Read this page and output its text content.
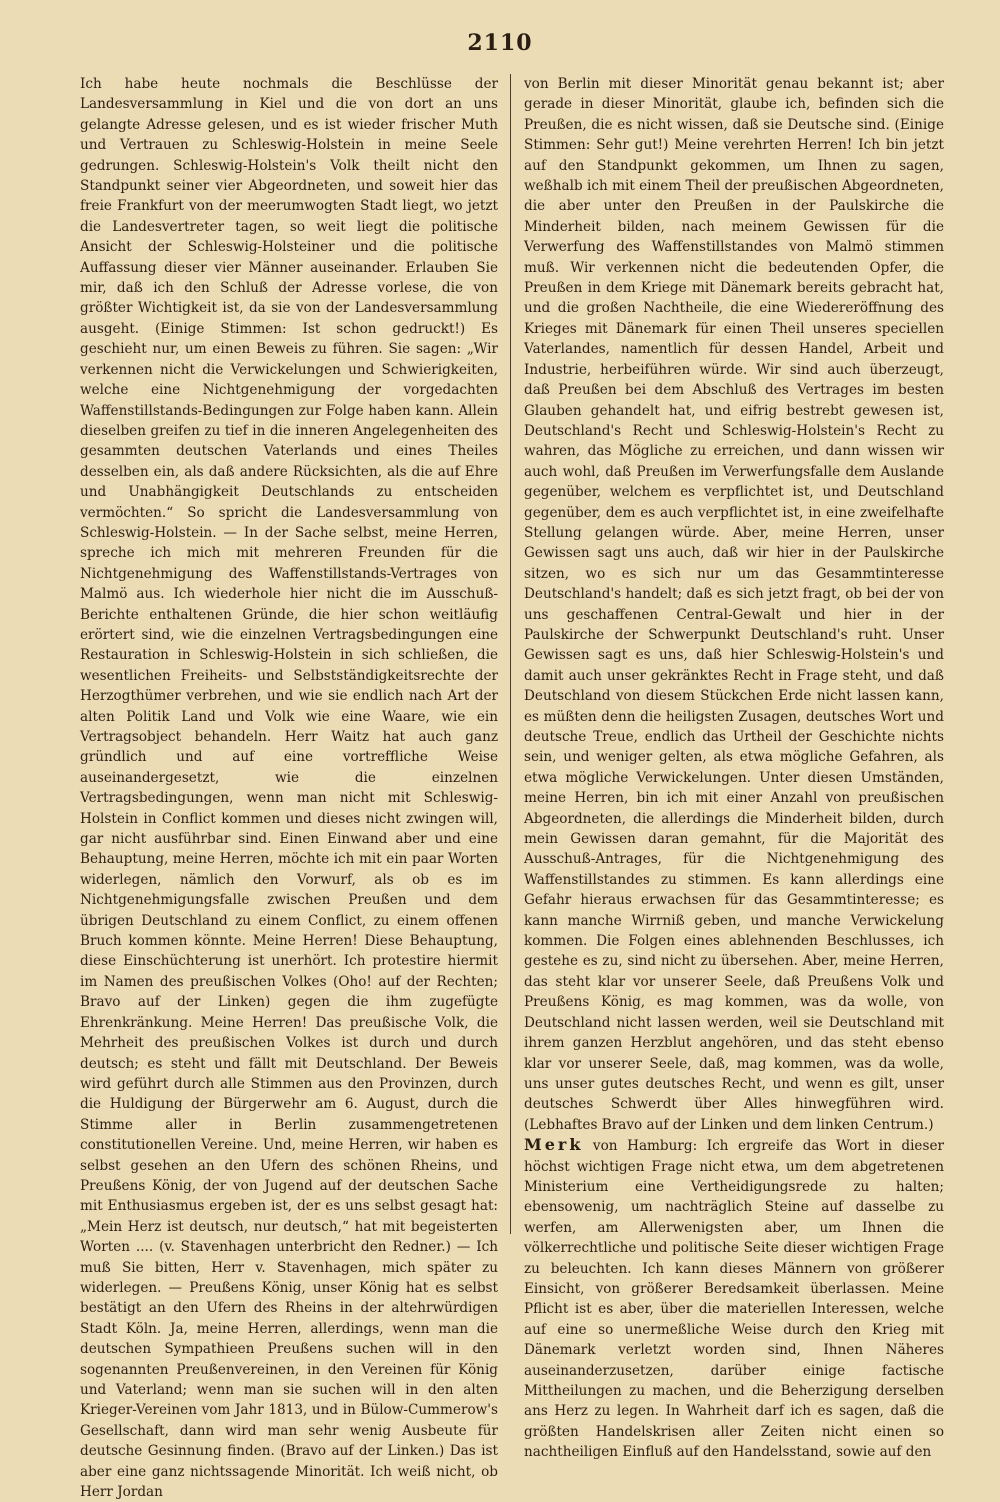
2110

Ich habe heute nochmals die Beschlüsse der Landesversammlung in Kiel und die von dort an uns gelangte Adresse gelesen, und es ist wieder frischer Muth und Vertrauen zu Schleswig-Holstein in meine Seele gedrungen. Schleswig-Holstein's Volk theilt nicht den Standpunkt seiner vier Abgeordneten, und soweit hier das freie Frankfurt von der meerumwogten Stadt liegt, wo jetzt die Landesvertreter tagen, so weit liegt die politische Ansicht der Schleswig-Holsteiner und die politische Auffassung dieser vier Männer auseinander. Erlauben Sie mir, daß ich den Schluß der Adresse vorlese, die von größter Wichtigkeit ist, da sie von der Landesversammlung ausgeht. (Einige Stimmen: Ist schon gedruckt!) Es geschieht nur, um einen Beweis zu führen. Sie sagen: „Wir verkennen nicht die Verwickelungen und Schwierigkeiten, welche eine Nichtgenehmigung der vorgedachten Waffenstillstands-Bedingungen zur Folge haben kann. Allein dieselben greifen zu tief in die inneren Angelegenheiten des gesammten deutschen Vaterlands und eines Theiles desselben ein, als daß andere Rücksichten, als die auf Ehre und Unabhängigkeit Deutschlands zu entscheiden vermöchten.“ So spricht die Landesversammlung von Schleswig-Holstein. — In der Sache selbst, meine Herren, spreche ich mich mit mehreren Freunden für die Nichtgenehmigung des Waffenstillstands-Vertrages von Malmö aus. Ich wiederhole hier nicht die im Ausschuß-Berichte enthaltenen Gründe, die hier schon weitläufig erörtert sind, wie die einzelnen Vertragsbedingungen eine Restauration in Schleswig-Holstein in sich schließen, die wesentlichen Freiheits- und Selbstständigkeitsrechte der Herzogthümer verbrehen, und wie sie endlich nach Art der alten Politik Land und Volk wie eine Waare, wie ein Vertragsobject behandeln. Herr Waitz hat auch ganz gründlich und auf eine vortreffliche Weise auseinandergesetzt, wie die einzelnen Vertragsbedingungen, wenn man nicht mit Schleswig-Holstein in Conflict kommen und dieses nicht zwingen will, gar nicht ausführbar sind. Einen Einwand aber und eine Behauptung, meine Herren, möchte ich mit ein paar Worten widerlegen, nämlich den Vorwurf, als ob es im Nichtgenehmigungsfalle zwischen Preußen und dem übrigen Deutschland zu einem Conflict, zu einem offenen Bruch kommen könnte. Meine Herren! Diese Behauptung, diese Einschüchterung ist unerhört. Ich protestire hiermit im Namen des preußischen Volkes (Oho! auf der Rechten; Bravo auf der Linken) gegen die ihm zugefügte Ehrenkränkung. Meine Herren! Das preußische Volk, die Mehrheit des preußischen Volkes ist durch und durch deutsch; es steht und fällt mit Deutschland. Der Beweis wird geführt durch alle Stimmen aus den Provinzen, durch die Huldigung der Bürgerwehr am 6. August, durch die Stimme aller in Berlin zusammengetretenen constitutionellen Vereine. Und, meine Herren, wir haben es selbst gesehen an den Ufern des schönen Rheins, und Preußens König, der von Jugend auf der deutschen Sache mit Enthusiasmus ergeben ist, der es uns selbst gesagt hat: „Mein Herz ist deutsch, nur deutsch,“ hat mit begeisterten Worten .... (v. Stavenhagen unterbricht den Redner.) — Ich muß Sie bitten, Herr v. Stavenhagen, mich später zu widerlegen. — Preußens König, unser König hat es selbst bestätigt an den Ufern des Rheins in der altehrwürdigen Stadt Köln. Ja, meine Herren, allerdings, wenn man die deutschen Sympathieen Preußens suchen will in den sogenannten Preußenvereinen, in den Vereinen für König und Vaterland; wenn man sie suchen will in den alten Krieger-Vereinen vom Jahr 1813, und in Bülow-Cummerow's Gesellschaft, dann wird man sehr wenig Ausbeute für deutsche Gesinnung finden. (Bravo auf der Linken.) Das ist aber eine ganz nichtssagende Minorität. Ich weiß nicht, ob Herr Jordan

von Berlin mit dieser Minorität genau bekannt ist; aber gerade in dieser Minorität, glaube ich, befinden sich die Preußen, die es nicht wissen, daß sie Deutsche sind. (Einige Stimmen: Sehr gut!) Meine verehrten Herren! Ich bin jetzt auf den Standpunkt gekommen, um Ihnen zu sagen, weßhalb ich mit einem Theil der preußischen Abgeordneten, die aber unter den Preußen in der Paulskirche die Minderheit bilden, nach meinem Gewissen für die Verwerfung des Waffenstillstandes von Malmö stimmen muß. Wir verkennen nicht die bedeutenden Opfer, die Preußen in dem Kriege mit Dänemark bereits gebracht hat, und die großen Nachtheile, die eine Wiedereröffnung des Krieges mit Dänemark für einen Theil unseres speciellen Vaterlandes, namentlich für dessen Handel, Arbeit und Industrie, herbeiführen würde. Wir sind auch überzeugt, daß Preußen bei dem Abschluß des Vertrages im besten Glauben gehandelt hat, und eifrig bestrebt gewesen ist, Deutschland's Recht und Schleswig-Holstein's Recht zu wahren, das Mögliche zu erreichen, und dann wissen wir auch wohl, daß Preußen im Verwerfungsfalle dem Auslande gegenüber, welchem es verpflichtet ist, und Deutschland gegenüber, dem es auch verpflichtet ist, in eine zweifelhafte Stellung gelangen würde. Aber, meine Herren, unser Gewissen sagt uns auch, daß wir hier in der Paulskirche sitzen, wo es sich nur um das Gesammtinteresse Deutschland's handelt; daß es sich jetzt fragt, ob bei der von uns geschaffenen Central-Gewalt und hier in der Paulskirche der Schwerpunkt Deutschland's ruht. Unser Gewissen sagt es uns, daß hier Schleswig-Holstein's und damit auch unser gekränktes Recht in Frage steht, und daß Deutschland von diesem Stückchen Erde nicht lassen kann, es müßten denn die heiligsten Zusagen, deutsches Wort und deutsche Treue, endlich das Urtheil der Geschichte nichts sein, und weniger gelten, als etwa mögliche Gefahren, als etwa mögliche Verwickelungen. Unter diesen Umständen, meine Herren, bin ich mit einer Anzahl von preußischen Abgeordneten, die allerdings die Minderheit bilden, durch mein Gewissen daran gemahnt, für die Majorität des Ausschuß-Antrages, für die Nichtgenehmigung des Waffenstillstandes zu stimmen. Es kann allerdings eine Gefahr hieraus erwachsen für das Gesammtinteresse; es kann manche Wirrniß geben, und manche Verwickelung kommen. Die Folgen eines ablehnenden Beschlusses, ich gestehe es zu, sind nicht zu übersehen. Aber, meine Herren, das steht klar vor unserer Seele, daß Preußens Volk und Preußens König, es mag kommen, was da wolle, von Deutschland nicht lassen werden, weil sie Deutschland mit ihrem ganzen Herzblut angehören, und das steht ebenso klar vor unserer Seele, daß, mag kommen, was da wolle, uns unser gutes deutsches Recht, und wenn es gilt, unser deutsches Schwerdt über Alles hinwegführen wird. (Lebhaftes Bravo auf der Linken und dem linken Centrum.)

Merk von Hamburg: Ich ergreife das Wort in dieser höchst wichtigen Frage nicht etwa, um dem abgetretenen Ministerium eine Vertheidigungsrede zu halten; ebensowenig, um nachträglich Steine auf dasselbe zu werfen, am Allerwenigsten aber, um Ihnen die völkerrechtliche und politische Seite dieser wichtigen Frage zu beleuchten. Ich kann dieses Männern von größerer Einsicht, von größerer Beredsamkeit überlassen. Meine Pflicht ist es aber, über die materiellen Interessen, welche auf eine so unermeßliche Weise durch den Krieg mit Dänemark verletzt worden sind, Ihnen Näheres auseinanderzusetzen, darüber einige factische Mittheilungen zu machen, und die Beherzigung derselben ans Herz zu legen. In Wahrheit darf ich es sagen, daß die größten Handelskrisen aller Zeiten nicht einen so nachtheiligen Einfluß auf den Handelsstand, sowie auf den
